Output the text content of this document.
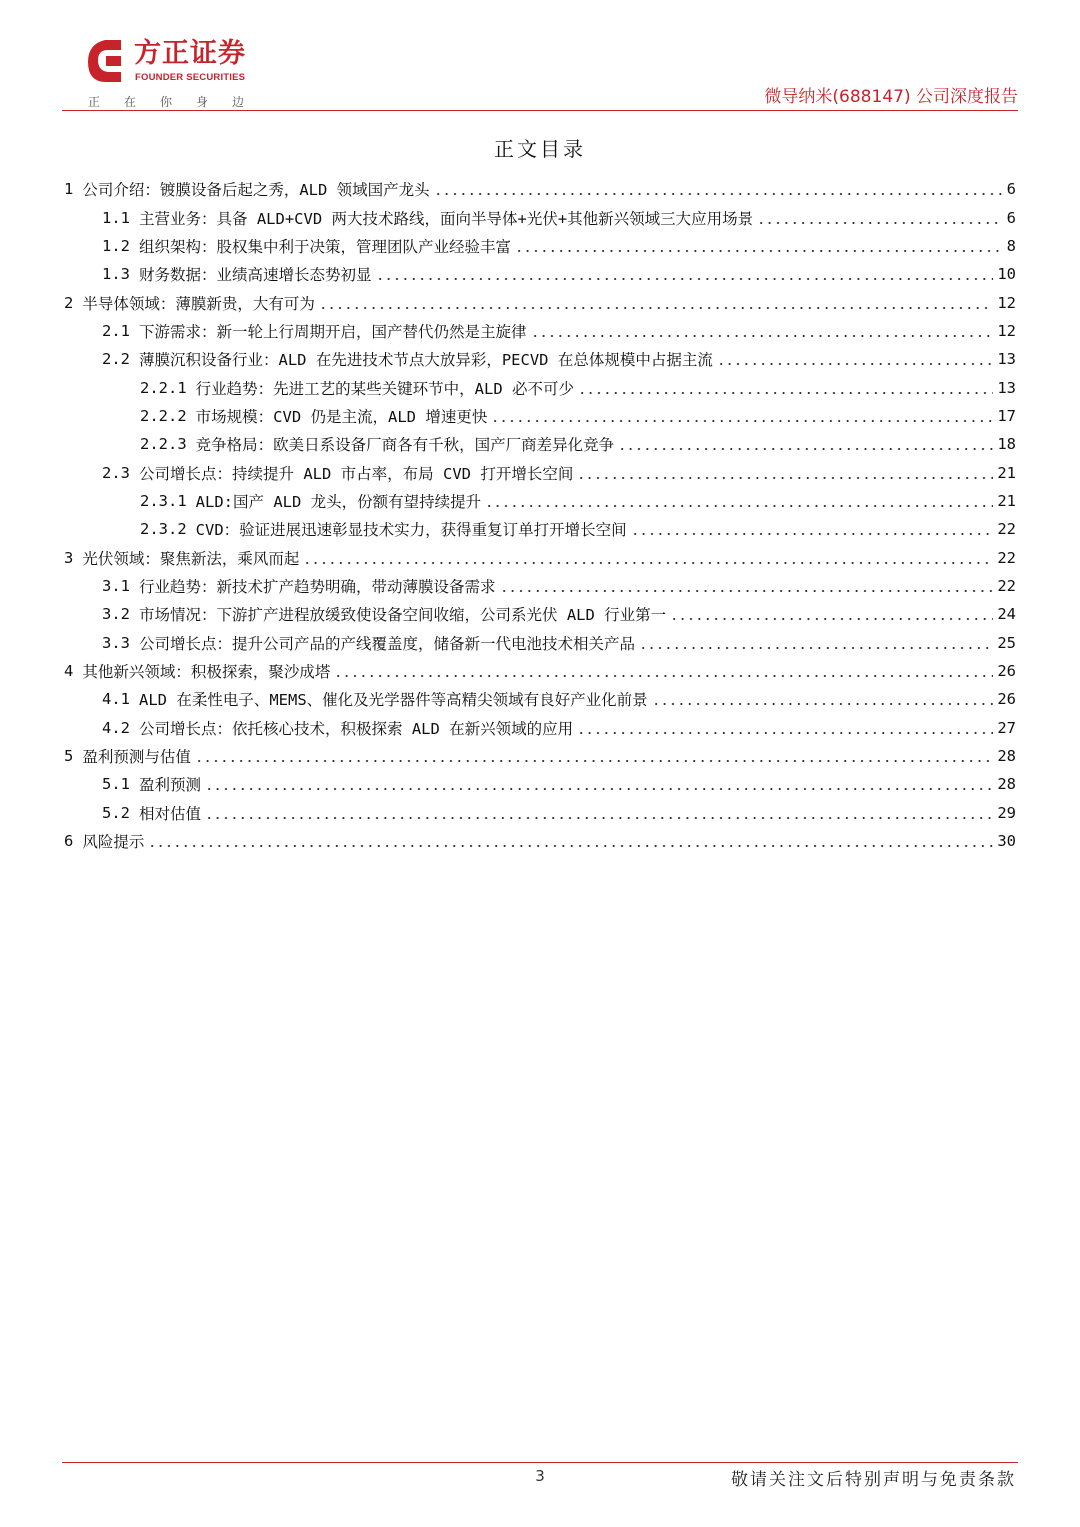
方正证券
FOUNDER SECURITIES
正在你身边	微导纳米(688147) 公司深度报告
正文目录
1 公司介绍：镀膜设备后起之秀，ALD 领域国产龙头	6
1.1 主营业务：具备 ALD+CVD 两大技术路线，面向半导体+光伏+其他新兴领域三大应用场景	6
1.2 组织架构：股权集中利于决策，管理团队产业经验丰富	8
1.3 财务数据：业绩高速增长态势初显	10
2 半导体领域：薄膜新贵，大有可为	12
2.1 下游需求：新一轮上行周期开启，国产替代仍然是主旋律	12
2.2 薄膜沉积设备行业：ALD 在先进技术节点大放异彩，PECVD 在总体规模中占据主流	13
2.2.1 行业趋势：先进工艺的某些关键环节中，ALD 必不可少	13
2.2.2 市场规模：CVD 仍是主流，ALD 增速更快	17
2.2.3 竞争格局：欧美日系设备厂商各有千秋，国产厂商差异化竞争	18
2.3 公司增长点：持续提升 ALD 市占率，布局 CVD 打开增长空间	21
2.3.1 ALD:国产 ALD 龙头，份额有望持续提升	21
2.3.2 CVD：验证进展迅速彰显技术实力，获得重复订单打开增长空间	22
3 光伏领域：聚焦新法，乘风而起	22
3.1 行业趋势：新技术扩产趋势明确，带动薄膜设备需求	22
3.2 市场情况：下游扩产进程放缓致使设备空间收缩，公司系光伏 ALD 行业第一	24
3.3 公司增长点：提升公司产品的产线覆盖度，储备新一代电池技术相关产品	25
4 其他新兴领域：积极探索，聚沙成塔	26
4.1 ALD 在柔性电子、MEMS、催化及光学器件等高精尖领域有良好产业化前景	26
4.2 公司增长点：依托核心技术，积极探索 ALD 在新兴领域的应用	27
5 盈利预测与估值	28
5.1 盈利预测	28
5.2 相对估值	29
6 风险提示	30
3	敬请关注文后特别声明与免责条款
